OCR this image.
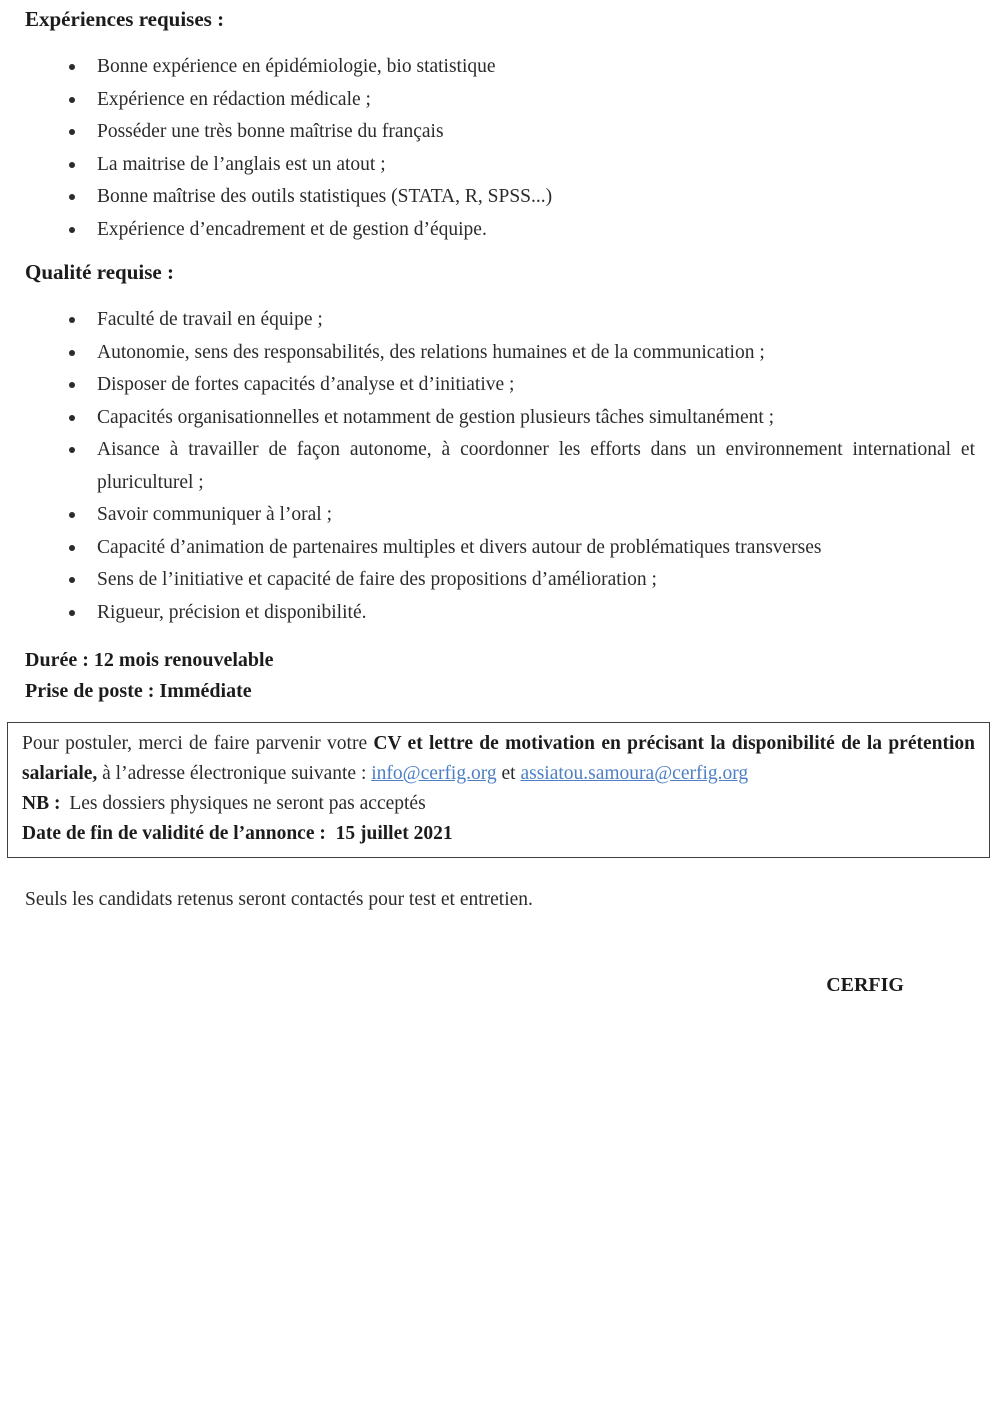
Expériences requises :
Bonne expérience en épidémiologie, bio statistique
Expérience en rédaction médicale ;
Posséder une très bonne maîtrise du français
La maitrise de l’anglais est un atout ;
Bonne maîtrise des outils statistiques (STATA, R, SPSS...)
Expérience d’encadrement et de gestion d’équipe.
Qualité requise :
Faculté de travail en équipe ;
Autonomie, sens des responsabilités, des relations humaines et de la communication ;
Disposer de fortes capacités d’analyse et d’initiative ;
Capacités organisationnelles et notamment de gestion plusieurs tâches simultanément ;
Aisance à travailler de façon autonome, à coordonner les efforts dans un environnement international et pluriculturel ;
Savoir communiquer à l’oral ;
Capacité d’animation de partenaires multiples et divers autour de problématiques transverses
Sens de l’initiative et capacité de faire des propositions d’amélioration ;
Rigueur, précision et disponibilité.
Durée : 12 mois renouvelable
Prise de poste : Immédiate
Pour postuler, merci de faire parvenir votre CV et lettre de motivation en précisant la disponibilité de la prétention salariale, à l’adresse électronique suivante : info@cerfig.org et assiatou.samoura@cerfig.org
NB : Les dossiers physiques ne seront pas acceptés
Date de fin de validité de l’annonce :  15 juillet 2021
Seuls les candidats retenus seront contactés pour test et entretien.
CERFIG
